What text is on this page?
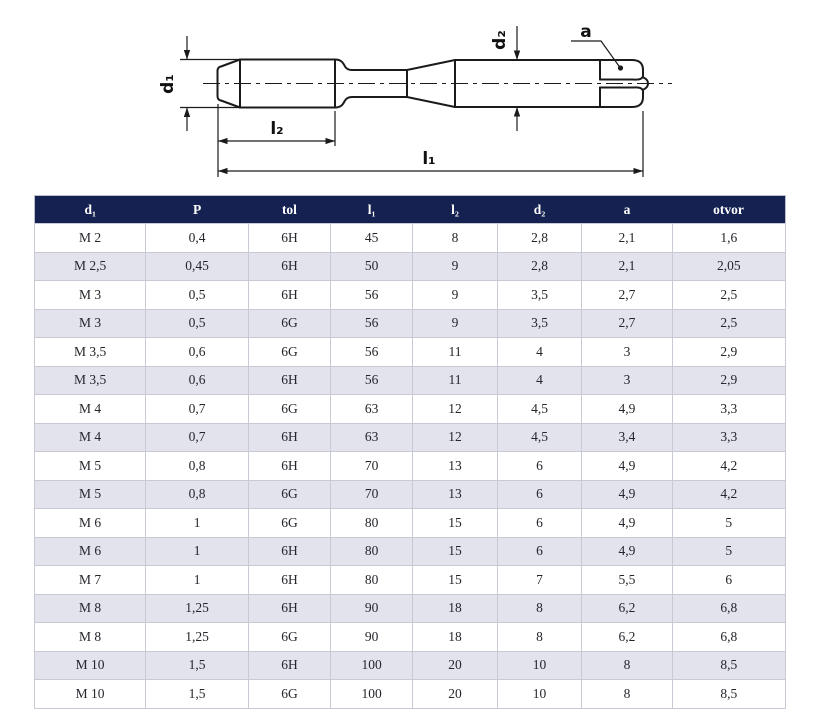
d₁
l₂
l₁
d₂	a
d₁	P	tol	l₁	l₂	d₂	a	otvor
M 2	0,4	6H	45	8	2,8	2,1	1,6
M 2,5	0,45	6H	50	9	2,8	2,1	2,05
M 3	0,5	6H	56	9	3,5	2,7	2,5
M 3	0,5	6G	56	9	3,5	2,7	2,5
M 3,5	0,6	6G	56	11	4	3	2,9
M 3,5	0,6	6H	56	11	4	3	2,9
M 4	0,7	6G	63	12	4,5	4,9	3,3
M 4	0,7	6H	63	12	4,5	3,4	3,3
M 5	0,8	6H	70	13	6	4,9	4,2
M 5	0,8	6G	70	13	6	4,9	4,2
M 6	1	6G	80	15	6	4,9	5
M 6	1	6H	80	15	6	4,9	5
M 7	1	6H	80	15	7	5,5	6
M 8	1,25	6H	90	18	8	6,2	6,8
M 8	1,25	6G	90	18	8	6,2	6,8
M 10	1,5	6H	100	20	10	8	8,5
M 10	1,5	6G	100	20	10	8	8,5
